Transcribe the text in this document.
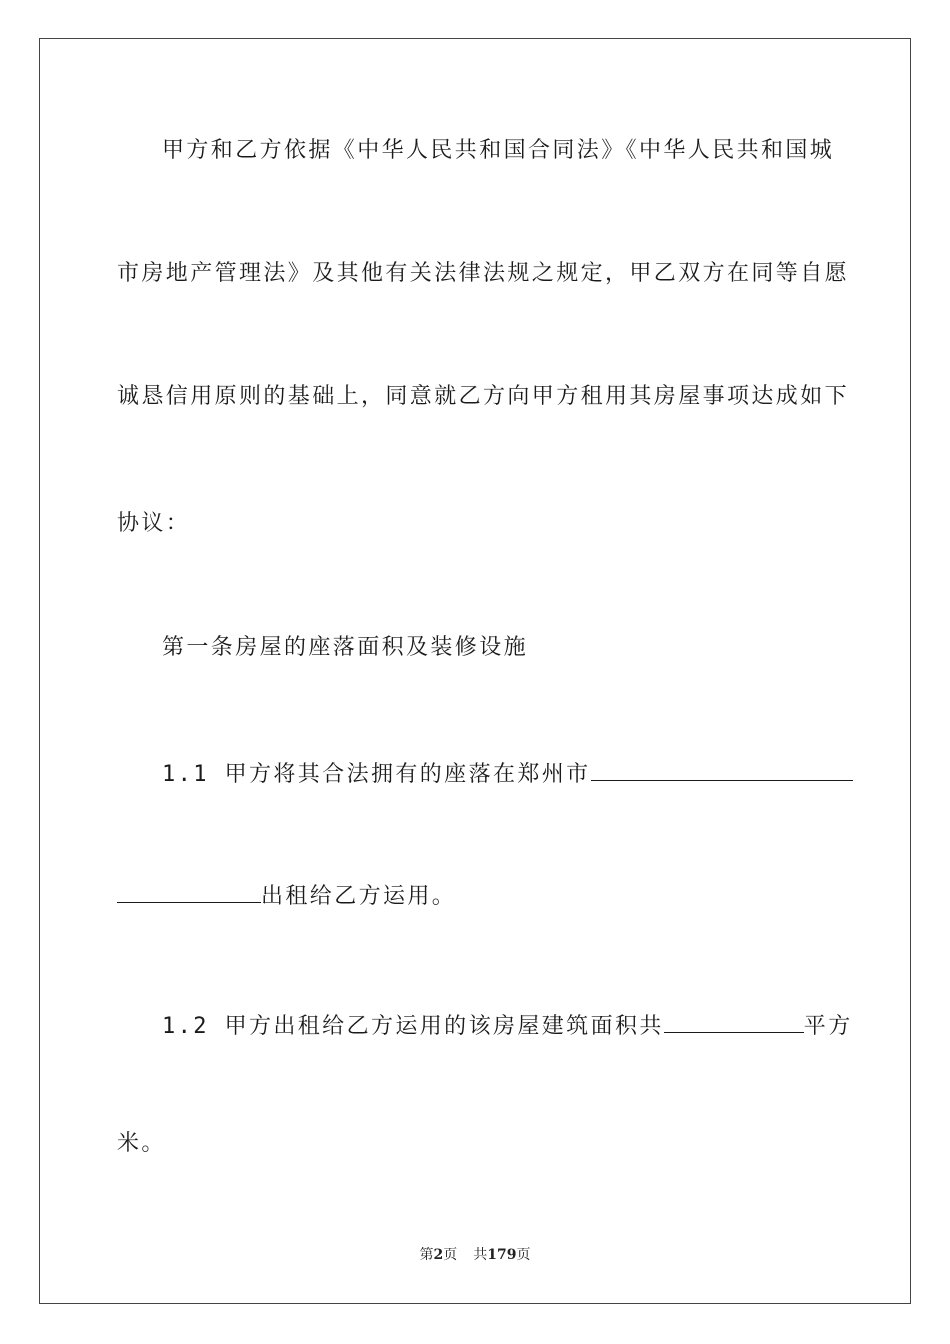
甲方和乙方依据《中华人民共和国合同法》《中华人民共和国城
市房地产管理法》及其他有关法律法规之规定，甲乙双方在同等自愿
诚恳信用原则的基础上，同意就乙方向甲方租用其房屋事项达成如下
协议：
第一条房屋的座落面积及装修设施
1.1 甲方将其合法拥有的座落在郑州市
出租给乙方运用。
1.2 甲方出租给乙方运用的该房屋建筑面积共	平方
米。
第2页 共179页
